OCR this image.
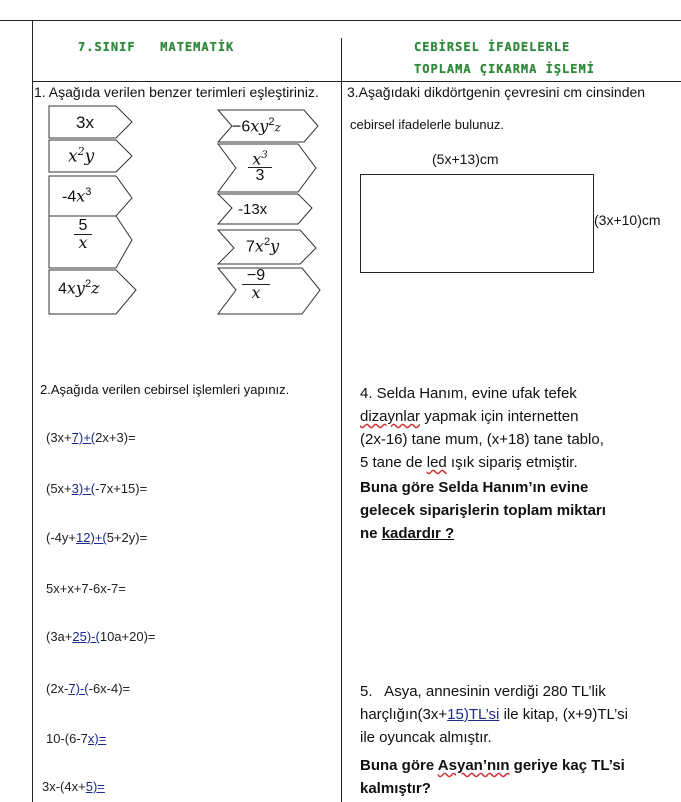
7.SINIF   MATEMATİK	CEBİRSEL İFADELERLE
TOPLAMA ÇIKARMA İŞLEMİ
1. Aşağıda verilen benzer terimleri eşleştiriniz.
3x
$x^2y$
$-4x^3$
5
x
$4xy^2z$
$-6xy^2z$
$x^3$
3
-13x
$7x^2y$
−9
x
3.Aşağıdaki dikdörtgenin çevresini cm cinsinden
cebirsel ifadelerle bulunuz.
(5x+13)cm
(3x+10)cm
2.Aşağıda verilen cebirsel işlemleri yapınız.
(3x+7)+(2x+3)=
(5x+3)+(-7x+15)=
(-4y+12)+(5+2y)=
5x+x+7-6x-7=
(3a+25)-(10a+20)=
(2x-7)-(-6x-4)=
10-(6-7x)=
3x-(4x+5)=
4. Selda Hanım, evine ufak tefek
dizaynlar yapmak için internetten
(2x-16) tane mum, (x+18) tane tablo,
5 tane de led ışık sipariş etmiştir.
Buna göre Selda Hanım’ın evine
gelecek siparişlerin toplam miktarı
ne kadardır ?
5.   Asya, annesinin verdiği 280 TL’lik
harçlığın(3x+15)TL’si ile kitap, (x+9)TL’si
ile oyuncak almıştır.
Buna göre Asyan’nın geriye kaç TL’si
kalmıştır?
